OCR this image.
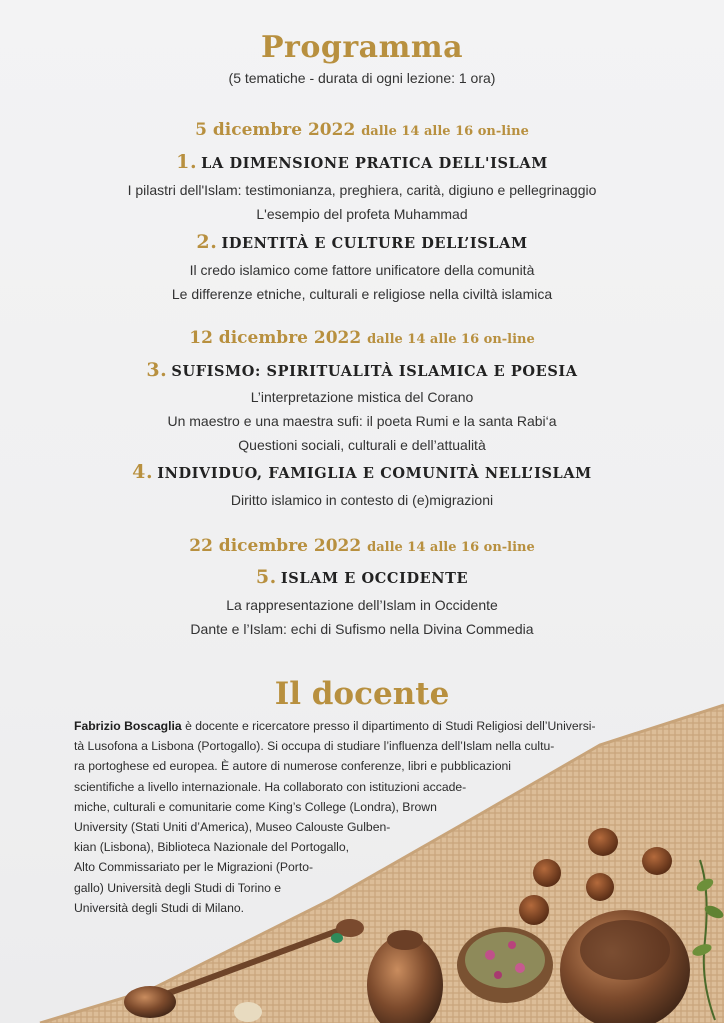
Programma
(5 tematiche - durata di ogni lezione: 1 ora)
5 dicembre 2022 dalle 14 alle 16 on-line
1. LA DIMENSIONE PRATICA DELL'ISLAM
I pilastri dell'Islam: testimonianza, preghiera, carità, digiuno e pellegrinaggio
L'esempio del profeta Muhammad
2. IDENTITÀ E CULTURE DELL’ISLAM
Il credo islamico come fattore unificatore della comunità
Le differenze etniche, culturali e religiose nella civiltà islamica
12 dicembre 2022 dalle 14 alle 16 on-line
3. SUFISMO: SPIRITUALITÀ ISLAMICA E POESIA
L’interpretazione mistica del Corano
Un maestro e una maestra sufi: il poeta Rumi e la santa Rabi‘a
Questioni sociali, culturali e dell’attualità
4. INDIVIDUO, FAMIGLIA E COMUNITÀ NELL’ISLAM
Diritto islamico in contesto di (e)migrazioni
22 dicembre 2022 dalle 14 alle 16 on-line
5. ISLAM E OCCIDENTE
La rappresentazione dell’Islam in Occidente
Dante e l’Islam: echi di Sufismo nella Divina Commedia
Il docente
Fabrizio Boscaglia è docente e ricercatore presso il dipartimento di Studi Religiosi dell’Universi-
tà Lusofona a Lisbona (Portogallo). Si occupa di studiare l’influenza dell’Islam nella cultu-
ra portoghese ed europea. È autore di numerose conferenze, libri e pubblicazioni
scientifiche a livello internazionale. Ha collaborato con istituzioni accade-
miche, culturali e comunitarie come King’s College (Londra), Brown
University (Stati Uniti d’America), Museo Calouste Gulben-
kian (Lisbona), Biblioteca Nazionale del Portogallo,
Alto Commissariato per le Migrazioni (Porto-
gallo) Università degli Studi di Torino e
Università degli Studi di Milano.
